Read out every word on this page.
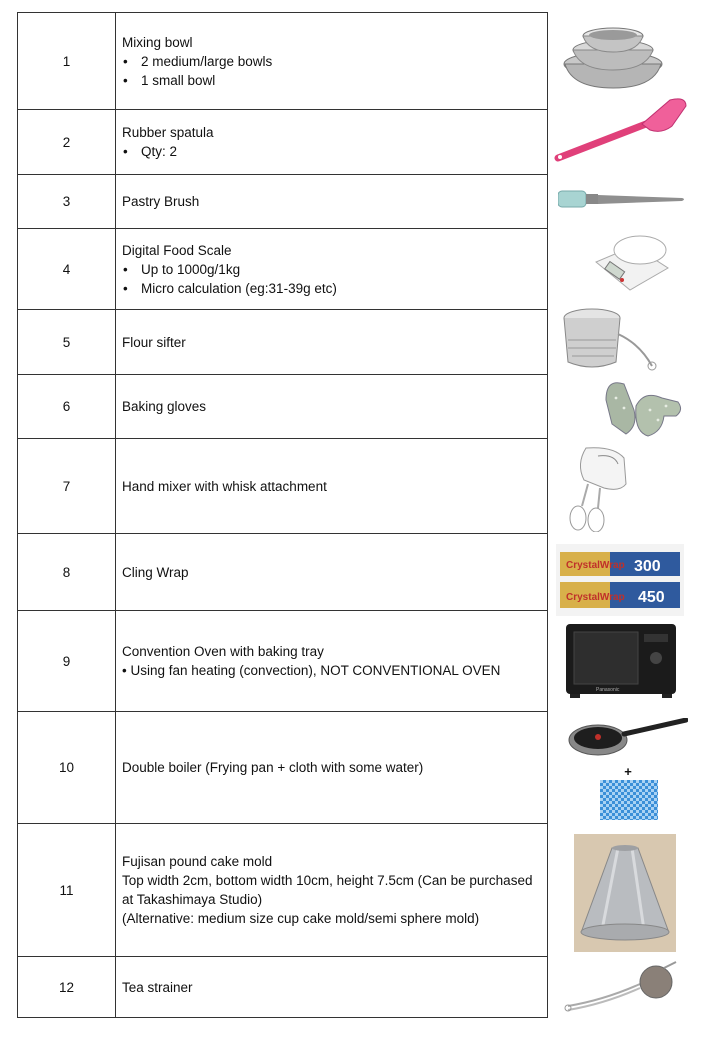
1	Mixing bowl
• 2 medium/large bowls
• 1 small bowl

2	Rubber spatula
• Qty: 2

3	Pastry Brush

4	Digital Food Scale
• Up to 1000g/1kg
• Micro calculation (eg:31-39g etc)

5	Flour sifter

6	Baking gloves

7	Hand mixer with whisk attachment

8	Cling Wrap

9	Convention Oven with baking tray
• Using fan heating (convection), NOT CONVENTIONAL OVEN

10	Double boiler (Frying pan + cloth with some water)

11	Fujisan pound cake mold
Top width 2cm, bottom width 10cm, height 7.5cm (Can be purchased at Takashimaya Studio)
(Alternative: medium size cup cake mold/semi sphere mold)

12	Tea strainer
CrystalWrap 300
CrystalWrap 450
Panasonic
+
